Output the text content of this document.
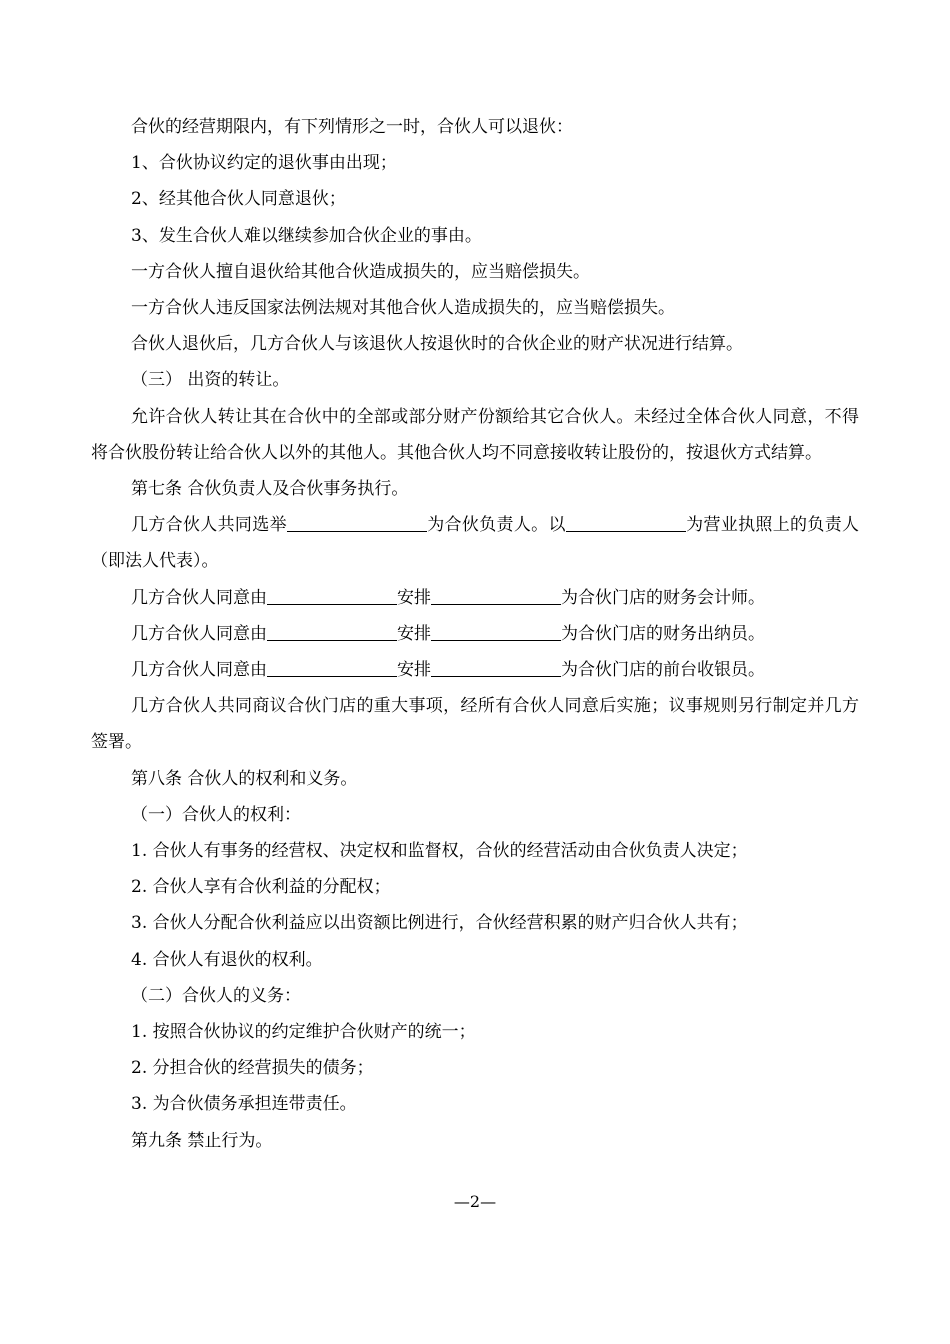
合伙的经营期限内，有下列情形之一时，合伙人可以退伙：

1、合伙协议约定的退伙事由出现；

2、经其他合伙人同意退伙；

3、发生合伙人难以继续参加合伙企业的事由。

一方合伙人擅自退伙给其他合伙造成损失的，应当赔偿损失。

一方合伙人违反国家法例法规对其他合伙人造成损失的，应当赔偿损失。

合伙人退伙后，几方合伙人与该退伙人按退伙时的合伙企业的财产状况进行结算。

（三） 出资的转让。

允许合伙人转让其在合伙中的全部或部分财产份额给其它合伙人。未经过全体合伙人同意，不得将合伙股份转让给合伙人以外的其他人。其他合伙人均不同意接收转让股份的，按退伙方式结算。

第七条 合伙负责人及合伙事务执行。

几方合伙人共同选举	为合伙负责人。以	为营业执照上的负责人（即法人代表）。

几方合伙人同意由	安排	为合伙门店的财务会计师。

几方合伙人同意由	安排	为合伙门店的财务出纳员。

几方合伙人同意由	安排	为合伙门店的前台收银员。

几方合伙人共同商议合伙门店的重大事项，经所有合伙人同意后实施；议事规则另行制定并几方签署。

第八条 合伙人的权利和义务。

（一）合伙人的权利：

1. 合伙人有事务的经营权、决定权和监督权，合伙的经营活动由合伙负责人决定；

2. 合伙人享有合伙利益的分配权；

3. 合伙人分配合伙利益应以出资额比例进行，合伙经营积累的财产归合伙人共有；

4. 合伙人有退伙的权利。

（二）合伙人的义务：

1. 按照合伙协议的约定维护合伙财产的统一；

2. 分担合伙的经营损失的债务；

3. 为合伙债务承担连带责任。

第九条 禁止行为。

—2—
